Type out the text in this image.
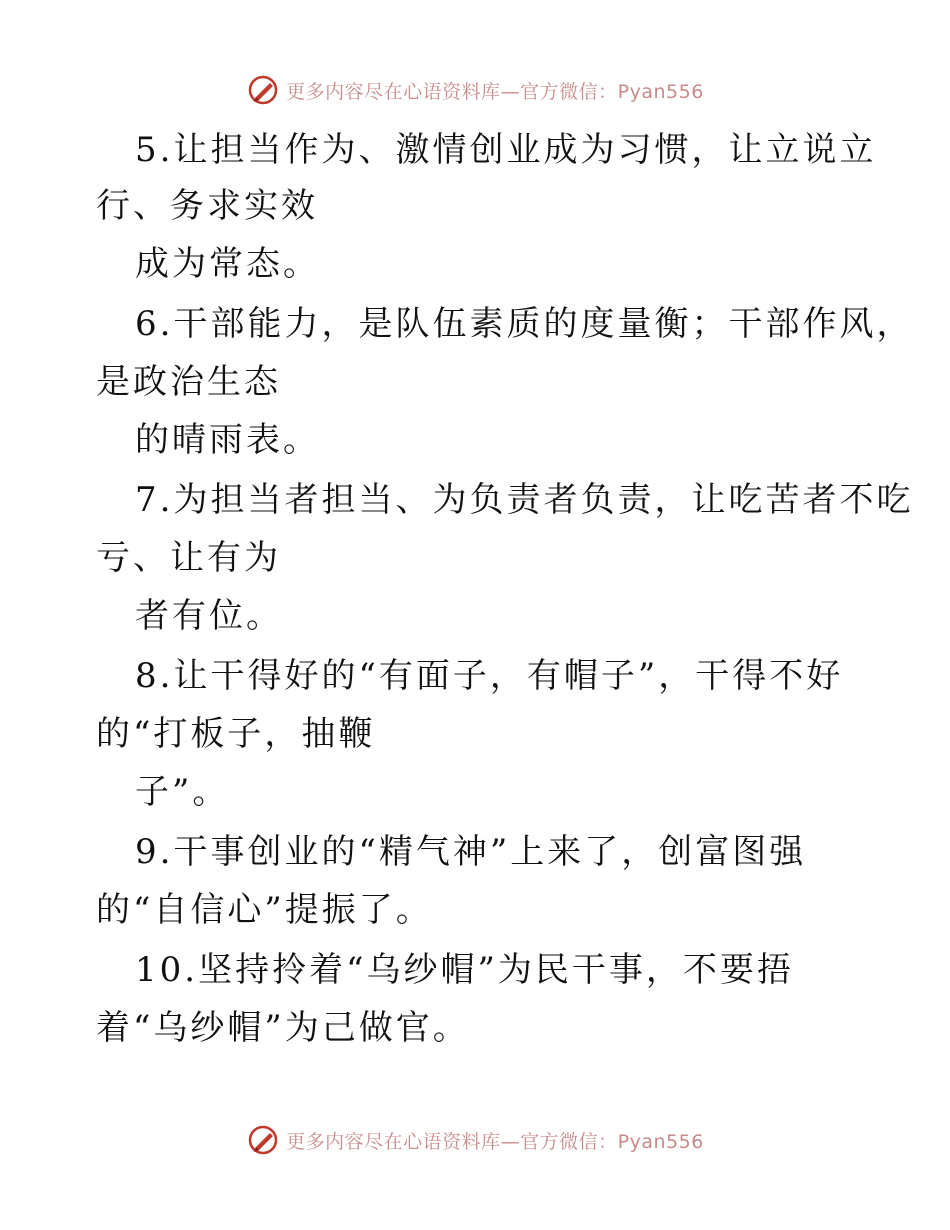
更多内容尽在心语资料库—官方微信：Pyan556
5.让担当作为、激情创业成为习惯，让立说立
行、务求实效
成为常态。
6.干部能力，是队伍素质的度量衡；干部作风，
是政治生态
的晴雨表。
7.为担当者担当、为负责者负责，让吃苦者不吃
亏、让有为
者有位。
8.让干得好的“有面子，有帽子”，干得不好
的“打板子，抽鞭
子”。
9.干事创业的“精气神”上来了，创富图强
的“自信心”提振了。
10.坚持拎着“乌纱帽”为民干事，不要捂
着“乌纱帽”为己做官。
更多内容尽在心语资料库—官方微信：Pyan556
